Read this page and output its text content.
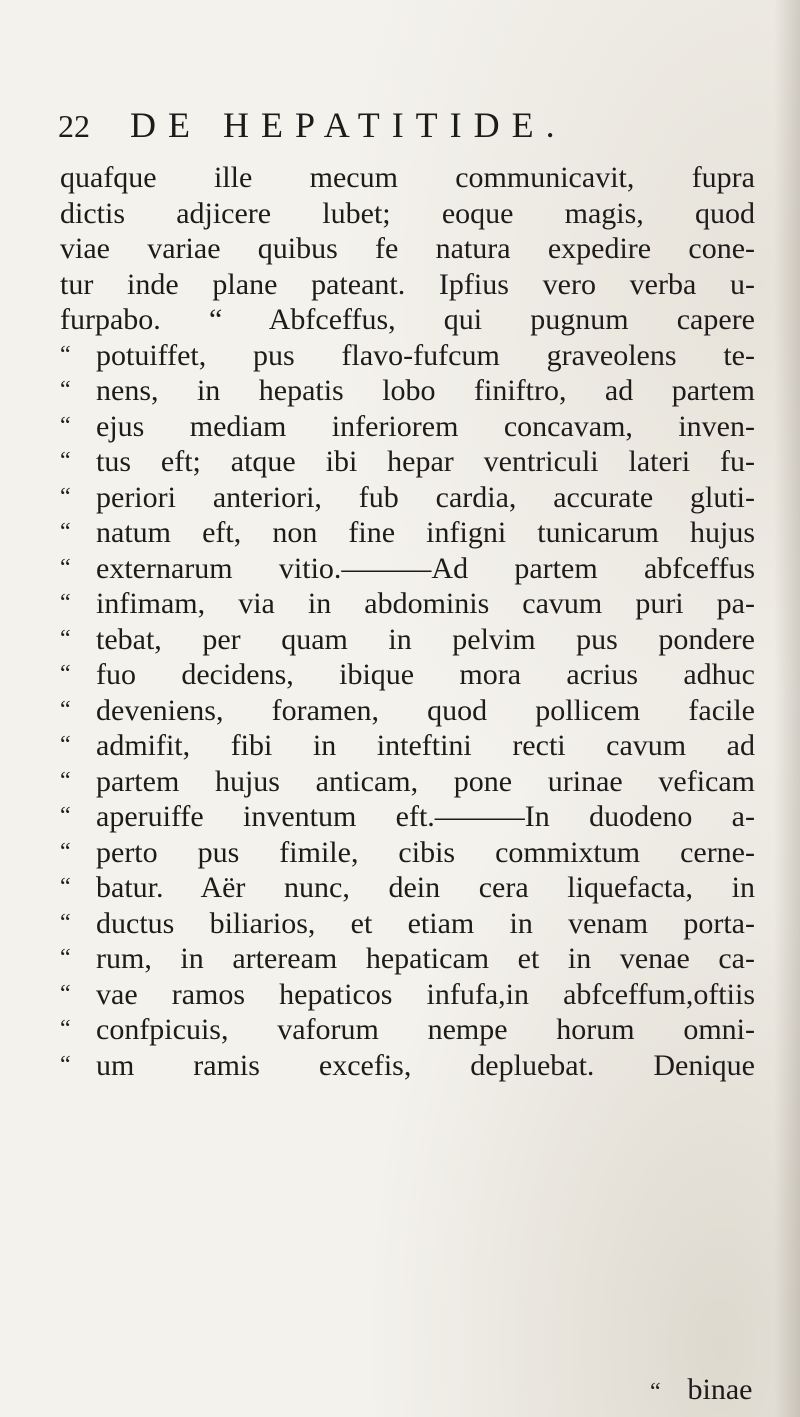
22	DE HEPATITIDE.
quafque ille mecum communicavit, fupra
dictis adjicere lubet; eoque magis, quod
viae variae quibus fe natura expedire cone-
tur inde plane pateant. Ipfius vero verba u-
furpabo. “ Abfceffus, qui pugnum capere
“ potuiffet, pus flavo-fufcum graveolens te-
“ nens, in hepatis lobo finiftro, ad partem
“ ejus mediam inferiorem concavam, inven-
“ tus eft; atque ibi hepar ventriculi lateri fu-
“ periori anteriori, fub cardia, accurate gluti-
“ natum eft, non fine infigni tunicarum hujus
“ externarum vitio.———Ad partem abfceffus
“ infimam, via in abdominis cavum puri pa-
“ tebat, per quam in pelvim pus pondere
“ fuo decidens, ibique mora acrius adhuc
“ deveniens, foramen, quod pollicem facile
“ admifit, fibi in inteftini recti cavum ad
“ partem hujus anticam, pone urinae veficam
“ aperuiffe inventum eft.———In duodeno a-
“ perto pus fimile, cibis commixtum cerne-
“ batur. Aër nunc, dein cera liquefacta, in
“ ductus biliarios, et etiam in venam porta-
“ rum, in arteream hepaticam et in venae ca-
“ vae ramos hepaticos infufa,in abfceffum,oftiis
“ confpicuis, vaforum nempe horum omni-
“ um ramis excefis, depluebat. Denique
“ binae
